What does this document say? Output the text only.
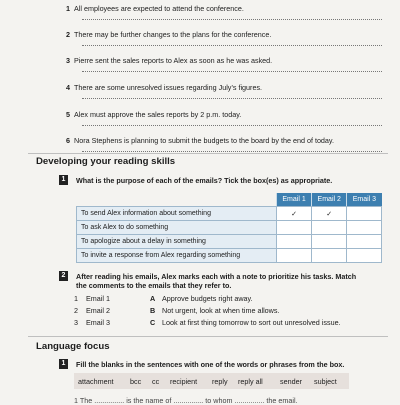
1 All employees are expected to attend the conference.
2 There may be further changes to the plans for the conference.
3 Pierre sent the sales reports to Alex as soon as he was asked.
4 There are some unresolved issues regarding July’s figures.
5 Alex must approve the sales reports by 2 p.m. today.
6 Nora Stephens is planning to submit the budgets to the board by the end of today.
Developing your reading skills
1	What is the purpose of each of the emails? Tick the box(es) as appropriate.
	Email 1	Email 2	Email 3
To send Alex information about something	✓	✓	
To ask Alex to do something			
To apologize about a delay in something			
To invite a response from Alex regarding something			
2	After reading his emails, Alex marks each with a note to prioritize his tasks. Match
the comments to the emails that they refer to.
1 Email 1	A Approve budgets right away.
2 Email 2	B Not urgent, look at when time allows.
3 Email 3	C Look at first thing tomorrow to sort out unresolved issue.
Language focus
1	Fill the blanks in the sentences with one of the words or phrases from the box.
attachment bcc cc recipient reply reply all sender subject
1 The ............... is the name of ............... to whom ............... the email.
